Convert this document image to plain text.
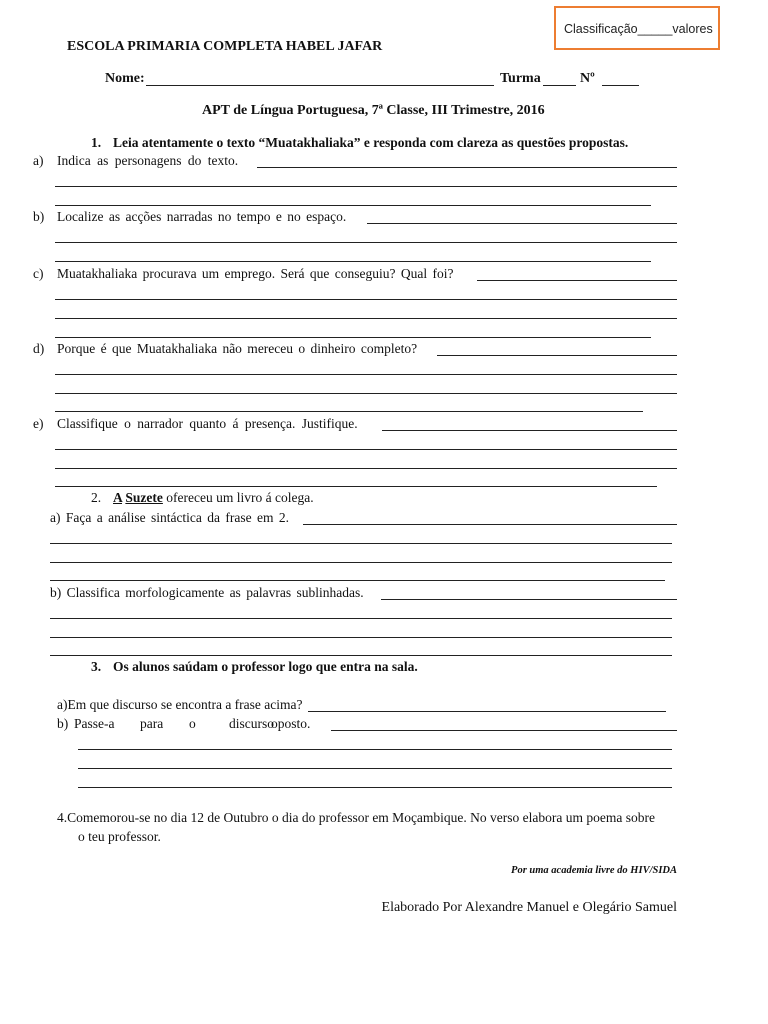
Classificação_____valores
ESCOLA PRIMARIA COMPLETA HABEL JAFAR
Nome:	Turma	Nº
APT de Língua Portuguesa, 7ª Classe, III Trimestre, 2016
1. Leia atentamente o texto “Muatakhaliaka” e responda com clareza as questões propostas.
a) Indica as personagens do texto.
b) Localize as acções narradas no tempo e no espaço.
c) Muatakhaliaka procurava um emprego. Será que conseguiu? Qual foi?
d) Porque é que Muatakhaliaka não mereceu o dinheiro completo?
e) Classifique o narrador quanto á presença. Justifique.
2. A Suzete ofereceu um livro á colega.
a) Faça a análise sintáctica da frase em 2.
b) Classifica morfologicamente as palavras sublinhadas.
3. Os alunos saúdam o professor logo que entra na sala.
a)Em que discurso se encontra a frase acima?
b) Passe-a para o discurso
oposto.
4.Comemorou-se no dia 12 de Outubro o dia do professor em Moçambique. No verso elabora um poema sobre
o teu professor.
Por uma academia livre do HIV/SIDA
Elaborado Por Alexandre Manuel e Olegário Samuel
